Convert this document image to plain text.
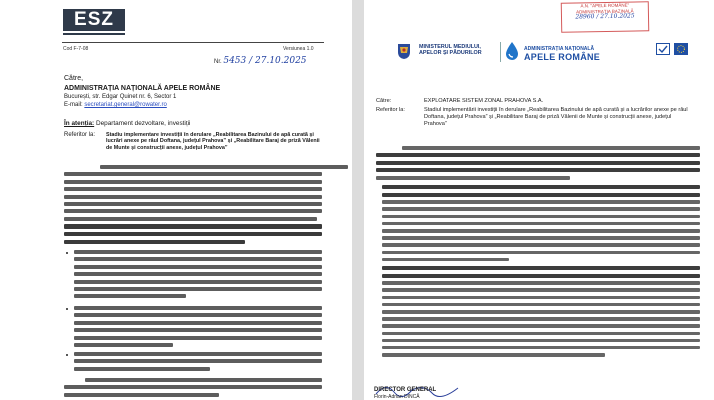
ESZ
Cod F-7-08	Versiunea 1.0
Nr. 5453 / 27.10.2025
Către,
ADMINISTRAȚIA NAȚIONALĂ APELE ROMÂNE
București, str. Edgar Quinet nr. 6, Sector 1
E-mail: secretariat.general@rowater.ro
În atenția: Departament dezvoltare, investiții
Referitor la:	Stadiu implementare investiții în derulare „Reabilitarea Bazinului de apă curată și lucrări anexe pe râul Doftana, județul Prahova” și „Reabilitare Baraj de priză Vălenii de Munte și construcții anexe, județul Prahova”
A.N. "APELE ROMÂNE"
ADMINISTRAȚIA BAZINALĂ
28960 / 27.10.2025
MINISTERUL MEDIULUI, APELOR ȘI PĂDURILOR
ADMINISTRAȚIA NAȚIONALĂ
APELE ROMÂNE
Către:	EXPLOATARE SISTEM ZONAL PRAHOVA S.A.
Referitor la:	Stadiul implementării investiții în derulare „Reabilitarea Bazinului de apă curată și a lucrărilor anexe pe râul Doftana, județul Prahova” și „Reabilitare Baraj de priză Vălenii de Munte și construcții anexe, județul Prahova”
DIRECTOR GENERAL
Florin-Adrian DINCĂ
